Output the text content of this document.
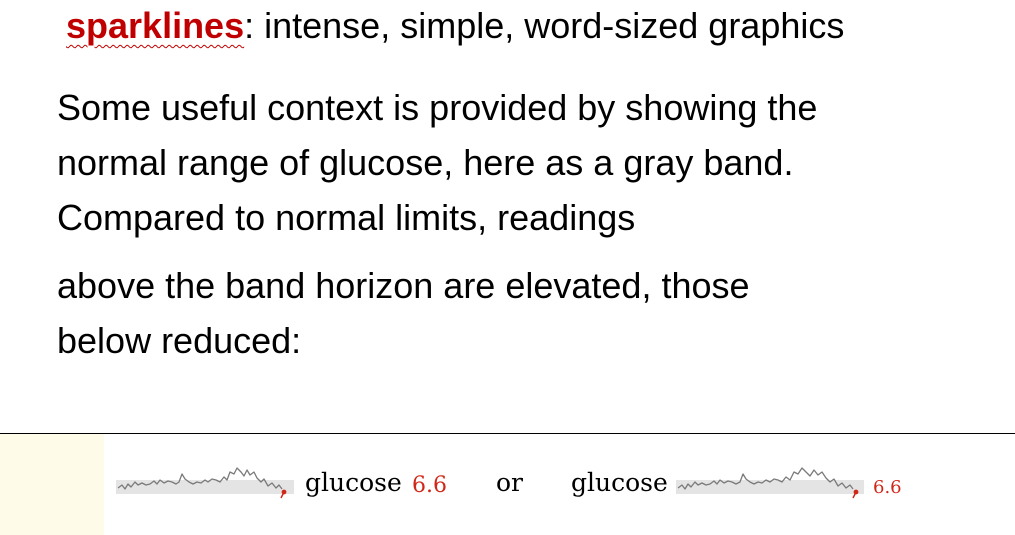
sparklines: intense, simple, word-sized graphics
Some useful context is provided by showing the
normal range of glucose, here as a gray band.
Compared to normal limits, readings
above the band horizon are elevated, those
below reduced:
glucose 6.6 or glucose	6.6
